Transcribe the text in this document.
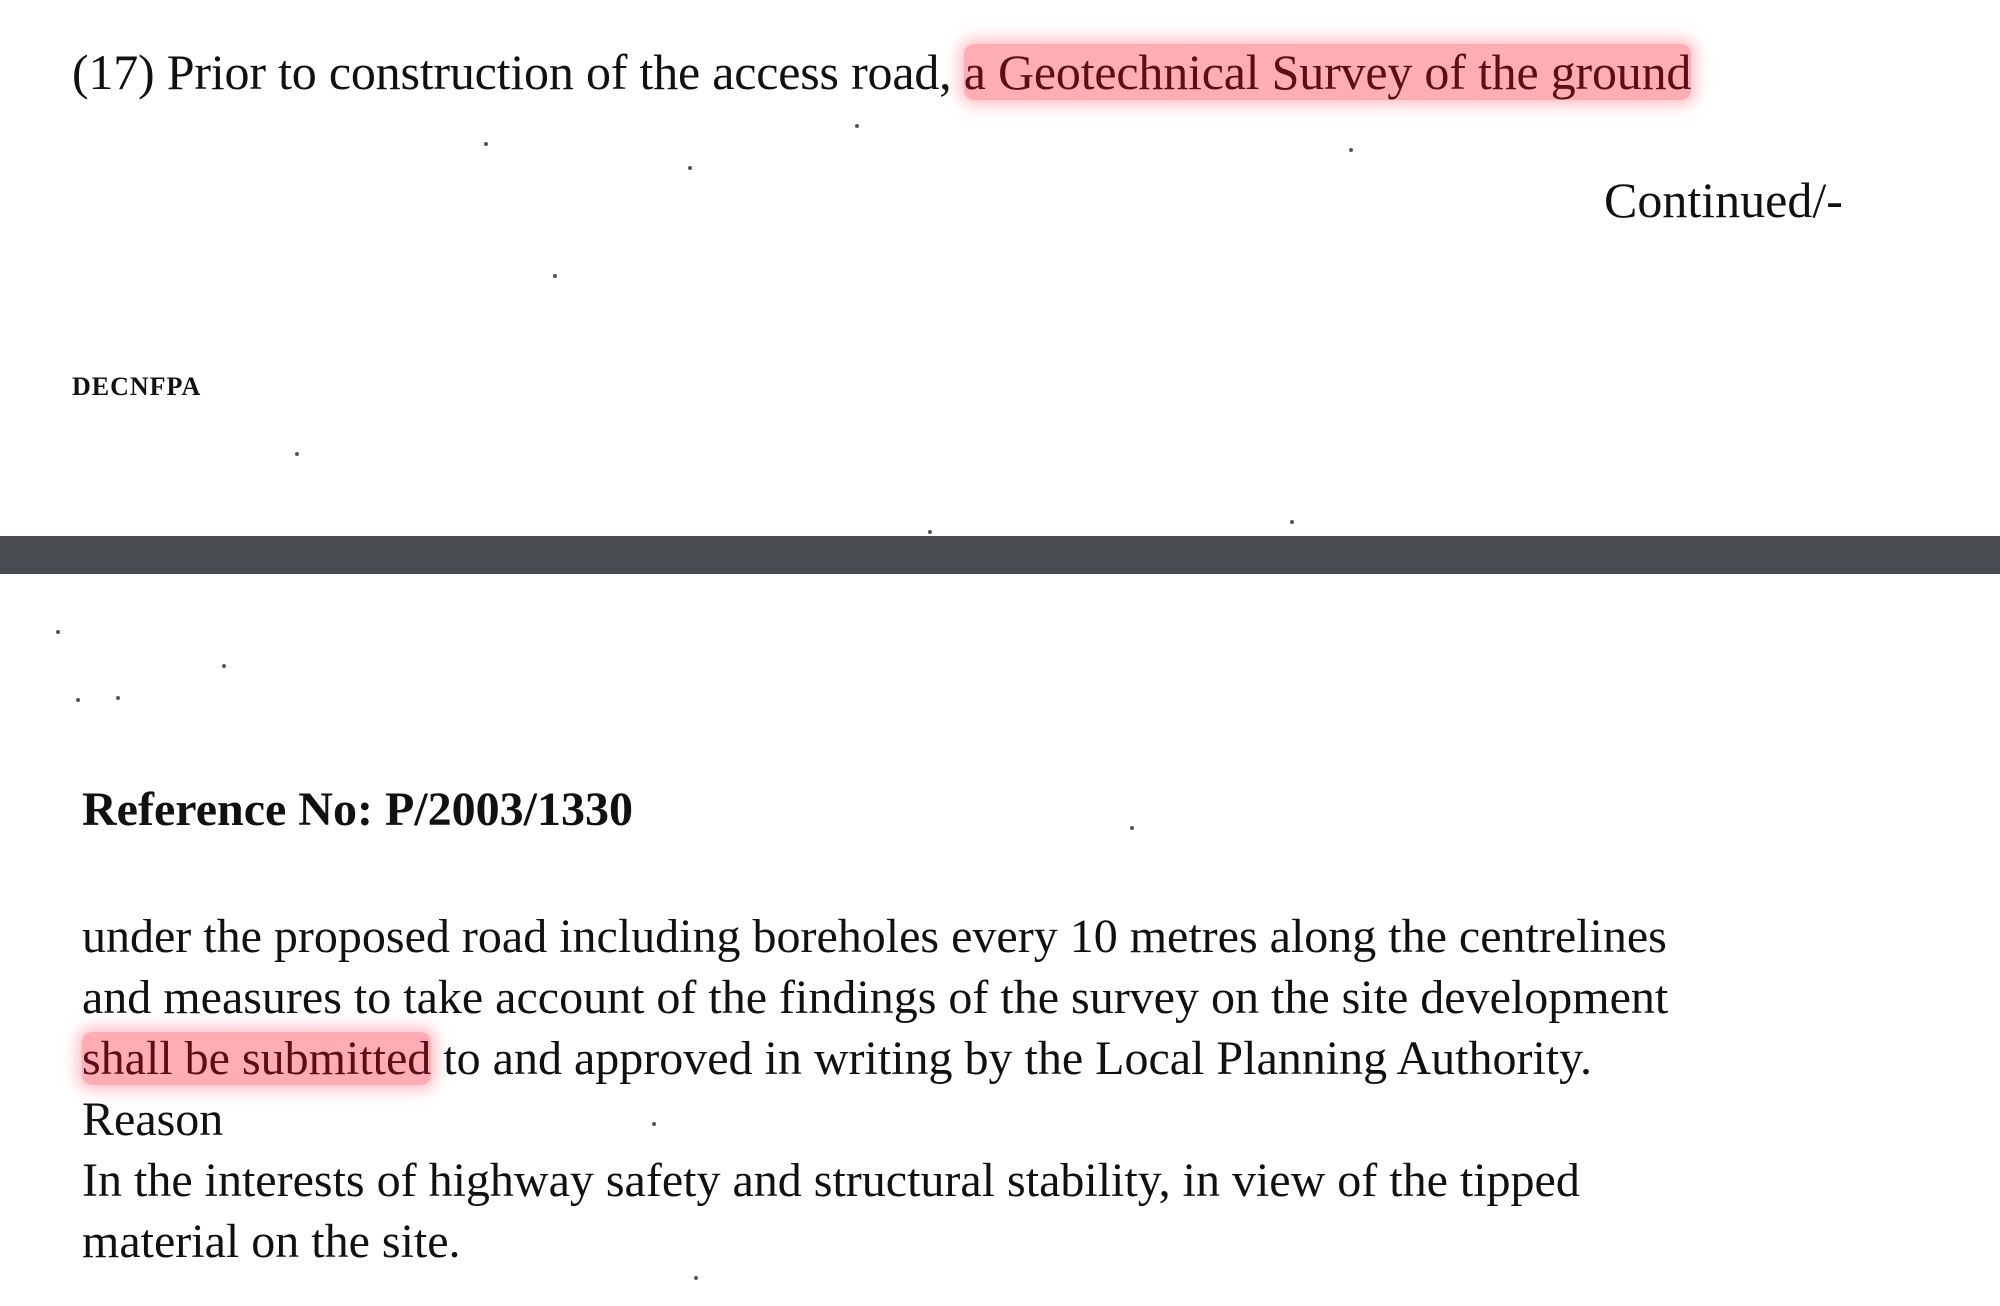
(17) Prior to construction of the access road, a Geotechnical Survey of the ground
Continued/-
DECNFPA
Reference No: P/2003/1330
under the proposed road including boreholes every 10 metres along the centrelines
and measures to take account of the findings of the survey on the site development
shall be submitted to and approved in writing by the Local Planning Authority.
Reason
In the interests of highway safety and structural stability, in view of the tipped
material on the site.
